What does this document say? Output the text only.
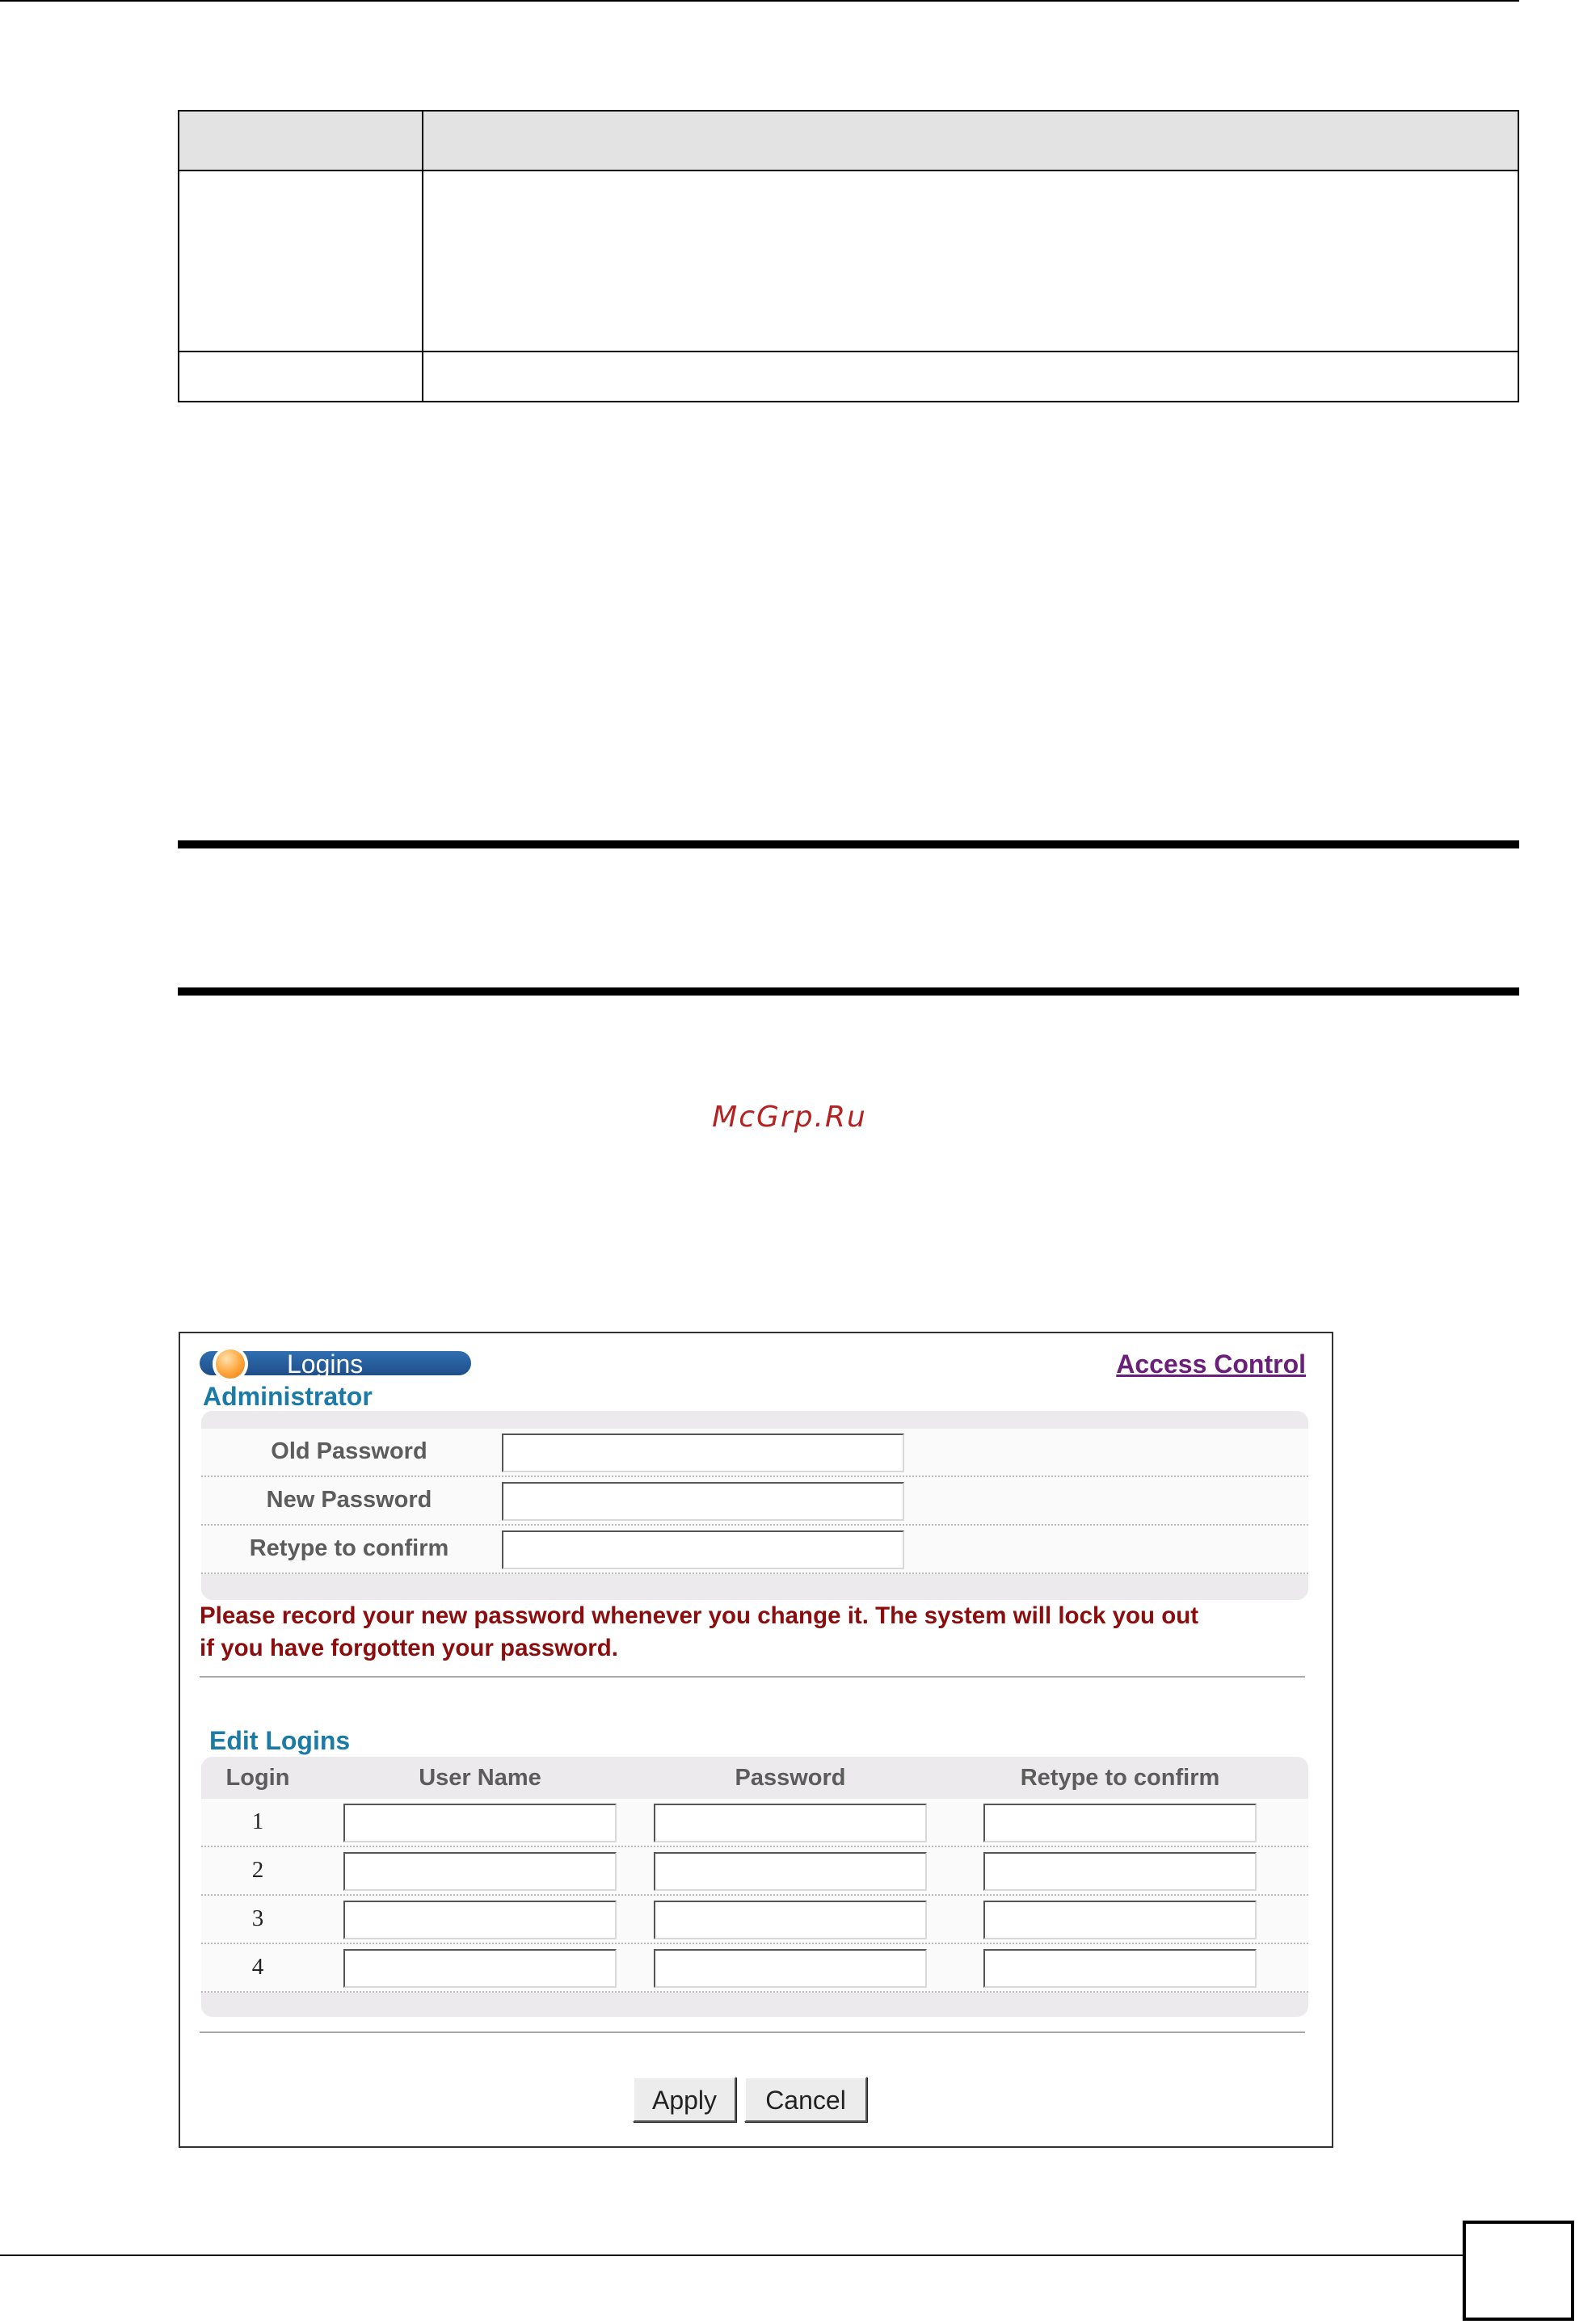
McGrp.Ru
Logins	Access Control
Administrator
Old Password
New Password
Retype to confirm
Please record your new password whenever you change it. The system will lock you out
if you have forgotten your password.
Edit Logins
Login	User Name	Password	Retype to confirm
1
2
3
4
Apply	Cancel
